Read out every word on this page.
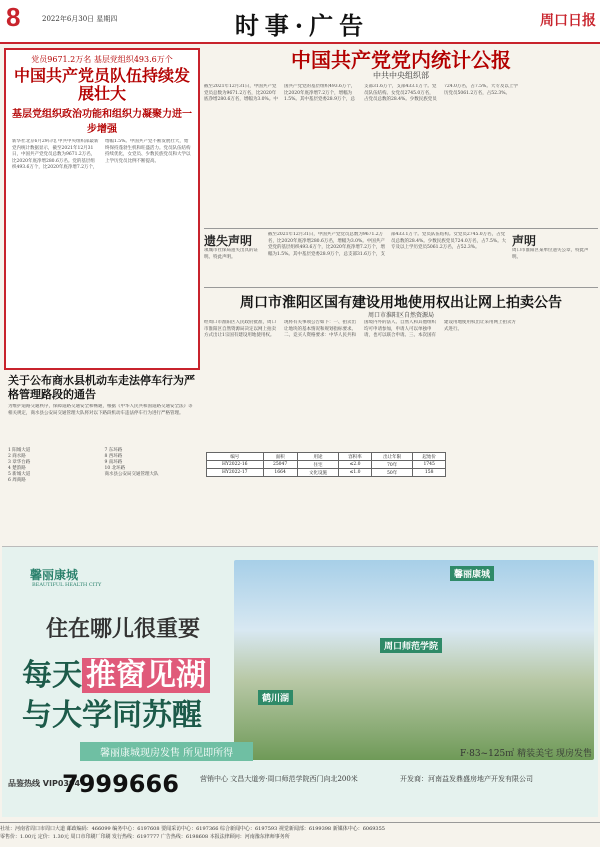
8	2022年6月30日 星期四	时事·广告	周口日报
党员9671.2万名 基层党组织493.6万个
中国共产党员队伍持续发展壮大
基层党组织政治功能和组织力凝聚力进一步增强
新华社北京6月29日电 中共中央组织部最新党内统计数据显示，截至2021年12月31日，中国共产党党员总数为9671.2万名，比2020年底净增280.6万名。党的基层组织493.6万个，比2020年底净增7.2万个，增幅1.5%。中国共产党不断发展壮大，始终保持蓬勃生机和旺盛活力。党员队伍结构持续优化，女党员、少数民族党员和大学以上学历党员比例不断提高。
中国共产党党内统计公报
中共中央组织部
截至2021年12月31日，中国共产党党员总数为9671.2万名，比2020年底净增280.6万名，增幅为3.0%。中国共产党党的基层组织493.6万个，比2020年底净增7.2万个，增幅为1.5%。其中基层党委28.9万个，总支部31.6万个，支部433.1万个。党员队伍结构。女党员2745.0万名，占党员总数的28.4%。少数民族党员724.0万名，占7.5%。大专及以上学历党员5061.2万名，占52.3%。
遗失声明
项城市社保局遗失出具的证明。特此声明。
截至2021年12月31日，中国共产党党员总数为9671.2万名，比2020年底净增280.6万名，增幅为3.0%。中国共产党党的基层组织493.6万个，比2020年底净增7.2万个，增幅为1.5%。其中基层党委28.9万个，总支部31.6万个，支部433.1万个。党员队伍结构。女党员2745.0万名，占党员总数的28.4%。少数民族党员724.0万名，占7.5%。大专及以上学历党员5061.2万名，占52.3%。	声明
周口市淮阳区某单位遗失公章，特此声明。
周口市淮阳区国有建设用地使用权出让网上拍卖公告
周口市淮阳区自然资源局
经周口市淮阳区人民政府批准，周口市淮阳区自然资源局决定以网上拍卖方式出让1宗国有建设用地使用权。现将有关事项公告如下：一、拍卖出让地块的基本情况和规划指标要求。二、竞买人资格要求：中华人民共和国境内外的法人、自然人和其他组织均可申请参加，申请人可以单独申请，也可以联合申请。三、本次国有建设用地使用权出让采用网上拍卖方式进行。
编号	面积	用途	容积率	出让年限	起始价
HY2022-16	25047	住宅	≤2.0	70年	1745
HY2022-17	1664	文化设施	≤1.0	50年	158
关于公布商水县机动车走法停车行为严格管理路段的通告
为维护道路交通秩序，保障道路交通安全和畅通，根据《中华人民共和国道路交通安全法》等相关规定，商水县公安局交通管理大队将对以下路段机动车违法停车行为进行严格管理。
1 阳城大道
2 商水路
3 章华台路
4 楚韵路
5 新城大道
6 周商路
7 东环路
8 西环路
9 南环路
10 北环路
商水县公安局交通管理大队
馨丽康城
周口师范学院
鹤川湖
馨丽康城
BEAUTIFUL HEALTH CITY
住在哪儿很重要
每天 推窗见湖
与大学同苏醒
馨丽康城现房发售 所见即所得
品鉴热线 VIP0394
7999666	营销中心 文昌大道旁·周口师范学院西门向北200米	开发商：河南益发鼎盛房地产开发有限公司
F·83~125㎡ 精装美宅 现房发售
社址：河南省周口市周口大道 邮政编码：466099 编务中心：6197608 要闻采访中心：6197366 综合新闻中心：6197593 视觉新闻部：6199398 新媒体中心：6069355
零售价：1.00元 定价：1.30元 周口市印刷厂印刷 发行热线：6197777 广告热线：6198608 本报法律顾问：河南豫东律师事务所
